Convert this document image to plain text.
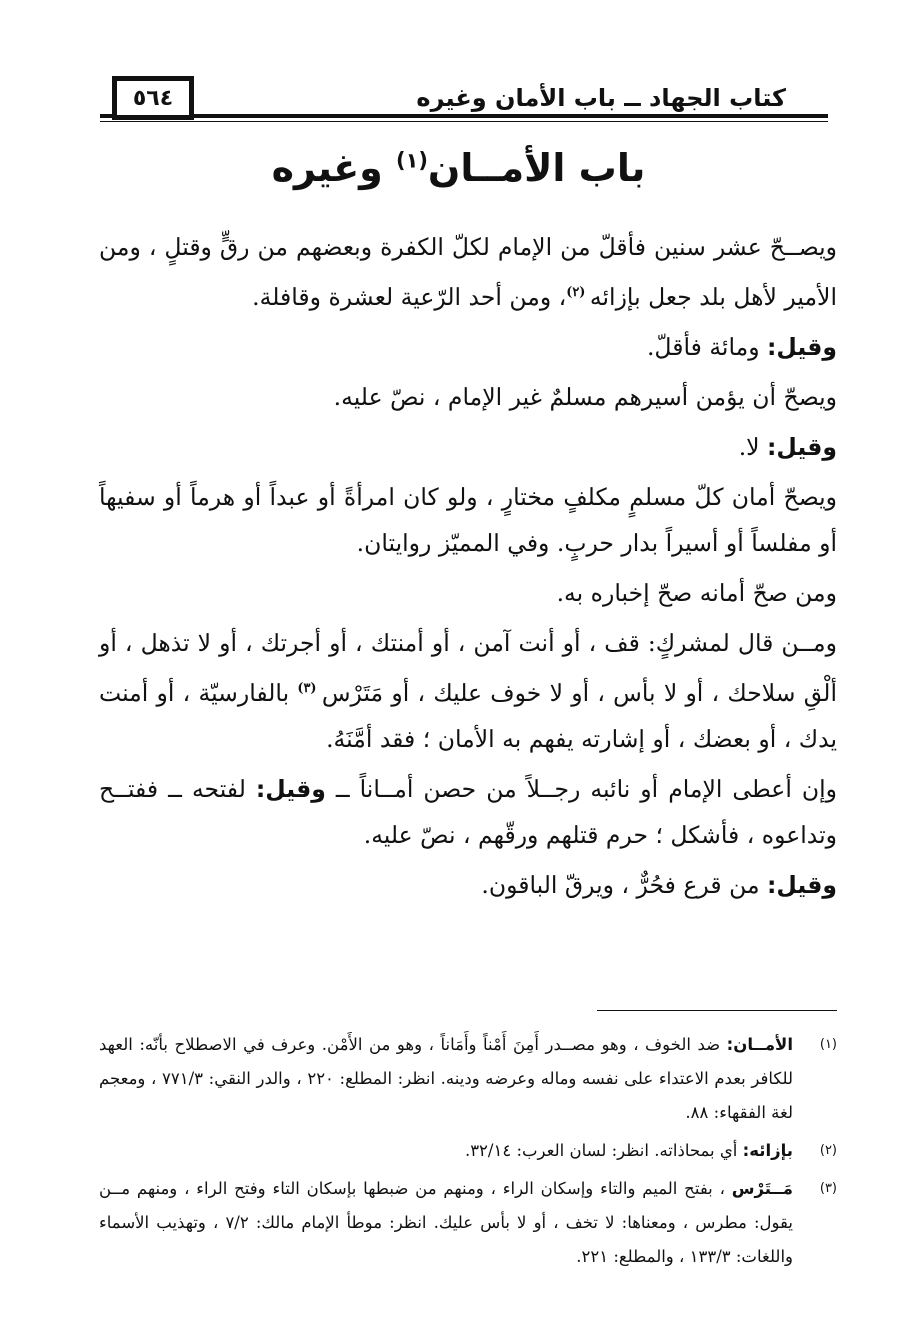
كتاب الجهاد ــ باب الأمان وغيره
٥٦٤
باب الأمــان$^{(١)}$ وغيره

ويصــحّ عشر سنين فأقلّ من الإمام لكلّ الكفرة وبعضهم من رقٍّ وقتلٍ ، ومن الأمير لأهل بلد جعل بإزائه $^{(٢)}$، ومن أحد الرّعية لعشرة وقافلة.

وقيل: ومائة فأقلّ.

ويصحّ أن يؤمن أسيرهم مسلمٌ غير الإمام ، نصّ عليه.

وقيل: لا.

ويصحّ أمان كلّ مسلمٍ مكلفٍ مختارٍ ، ولو كان امرأةً أو عبداً أو هرماً أو سفيهاً أو مفلساً أو أسيراً بدار حربٍ. وفي المميّز روايتان.

ومن صحّ أمانه صحّ إخباره به.

ومــن قال لمشركٍ: قف ، أو أنت آمن ، أو أمنتك ، أو أجرتك ، أو لا تذهل ، أو ألْقِ سلاحك ، أو لا بأس ، أو لا خوف عليك ، أو مَتَرْس $^{(٣)}$ بالفارسيّة ، أو أمنت يدك ، أو بعضك ، أو إشارته يفهم به الأمان ؛ فقد أمَّنَهُ.

وإن أعطى الإمام أو نائبه رجــلاً من حصن أمــاناً ــ وقيل: لفتحه ــ ففتــح وتداعوه ، فأشكل ؛ حرم قتلهم ورقّهم ، نصّ عليه.

وقيل: من قرع فحُرٌّ ، ويرقّ الباقون.

(١)
الأمــان: ضد الخوف ، وهو مصــدر أَمِنَ أَمْناً وأَمَاناً ، وهو من الأَمْن. وعرف في الاصطلاح بأنّه: العهد للكافر بعدم الاعتداء على نفسه وماله وعرضه ودينه. انظر: المطلع: ٢٢٠ ، والدر النقي: ٧٧١/٣ ، ومعجم لغة الفقهاء: ٨٨.
(٢)
بإزائه: أي بمحاذاته. انظر: لسان العرب: ٣٢/١٤.
(٣)
مَــتَرْس ، بفتح الميم والتاء وإسكان الراء ، ومنهم من ضبطها بإسكان التاء وفتح الراء ، ومنهم مــن يقول: مطرس ، ومعناها: لا تخف ، أو لا بأس عليك. انظر: موطأ الإمام مالك: ٧/٢ ، وتهذيب الأسماء واللغات: ١٣٣/٣ ، والمطلع: ٢٢١.
